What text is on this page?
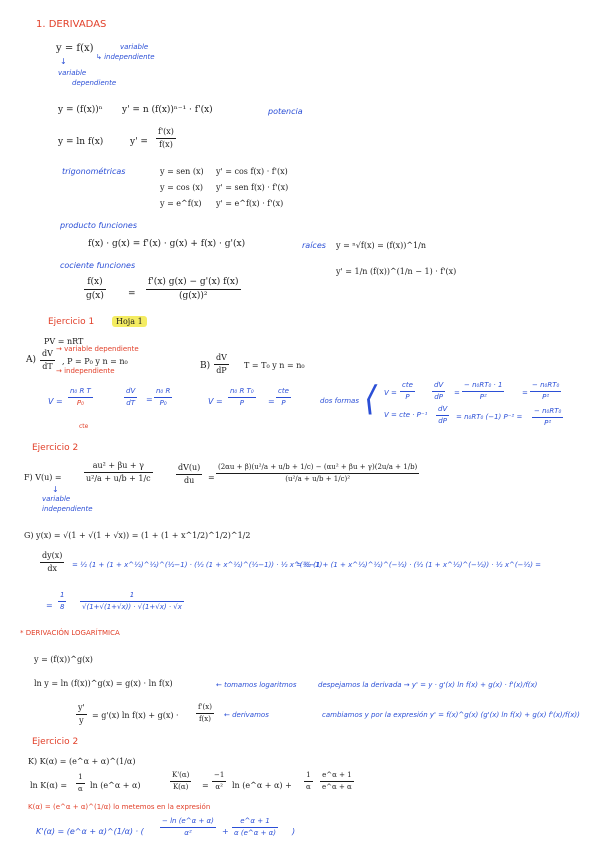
1. DERIVADAS
y = f(x)	variable
↳ independiente
↓
variable
dependiente
y = (f(x))ⁿ y' = n (f(x))ⁿ⁻¹ · f'(x)	potencia
y = ln f(x)	$y' = \frac{f'(x)}{f(x)}$
trigonométricas	y = sen (x) y' = cos f(x) · f'(x)
y = cos (x) y' = sen f(x) · f'(x)
y = e^f(x) y' = e^f(x) · f'(x)
producto funciones
f(x) · g(x) = f'(x) · g(x) + f(x) · g'(x)	raíces y = ⁿ√f(x) = (f(x))^1/n
y' = 1/n (f(x))^(1/n − 1) · f'(x)
cociente funciones
$\frac{f(x)}{g(x)} = \frac{f'(x) g(x) - g'(x) f(x)}{\text{(g(x))²}}$
Ejercicio 1	Hoja 1
PV = nRT
$A) \frac{dV}{dT}$
→ variable dependiente
, P = P₀ y n = n₀
→ independiente
$V = \frac{\text{n₀ R T}}{\text{P₀}}$
cte
$\frac{dV}{dT} = \frac{\text{n₀ R}}{\text{P₀}}$
$B) \frac{dV}{dP}$ T = T₀ y n = n₀
$V = \frac{\text{n₀ R T₀}}{P}$ =
cte
P	dos formas ⟨ V =
cte
P	$\frac{dV}{dP} = \frac{\text{− n₀RT₀ · 1}}{\text{P²}}$	= $\frac{\text{− n₀RT₀}}{\text{P²}}$
V = cte · $P^{-1} \frac{dV}{dP} = n_0RT_0$ (−1) $P^{-2} = \frac{\text{− n₀RT₀}}{\text{P²}}$
Ejercicio 2
F) V(u) =	$\frac{\text{au² + βu + γ}}{\text{u²/a + u/b + 1/c}}$
↓
variable
independiente
$\frac{dV(u)}{du} = \frac{\text{(2αu + β)(u²/a + u/b + 1/c) − (αu² + βu + γ)(2u/a + 1/b)}}{\text{(u²/a + u/b + 1/c)²}}$
G) y(x) = √(1 + √(1 + √x)) = (1 + (1 + x^1/2)^1/2)^1/2
$\frac{dy(x)}{dx}$ = ½ (1 + (1 + x^½)^½)^(½−1) · (½ (1 + x^½)^(½−1)) · ½ x^(½−1)
= ½ (1 + (1 + x^½)^½)^(−½) · (½ (1 + x^½)^(−½)) · ½ x^(−½) =
= $\frac{1}{8} \frac{1}{√(1+√(1+√x)) \cdot √(1+√x) \cdot √x}$
* DERIVACIÓN LOGARÍTMICA
y = (f(x))^g(x)
ln y = ln (f(x))^g(x) = g(x) · ln f(x)	← tomamos logaritmos	despejamos la derivada → y' = y · g'(x) ln f(x) + g(x) · f'(x)/f(x)
$\frac{y'}{y} = g'(x)$ $\ln f(x) + g(x) \cdot \frac{f'(x)}{f(x)}$ ← derivamos	cambiamos y por la expresión y' = f(x)^g(x) (g'(x) ln f(x) + g(x) f'(x)/f(x))
Ejercicio 2
K) K(α) = (e^α + α)^(1/α)
$\ln K(\alpha) = \frac{1}{\alpha}$ ln (e^α + α)	$\frac{K'(\alpha)}{K(\alpha)} = \frac{-1}{\text{α²}}$ ln (e^α + $\alpha) + \frac{1}{\alpha} \frac{e\^{}\alpha + 1}{e\^{}\alpha + \alpha}$
K(α) = (e^α + α)^(1/α) lo metemos en la expresión
K'(α) = (e^α + α)^(1/α) · ( $\frac{- \ln (e\^{}\alpha + \alpha)}{\text{α²}} + \frac{e\^{}\alpha + 1}{\alpha (e\^{}\alpha + \alpha)}$ )
